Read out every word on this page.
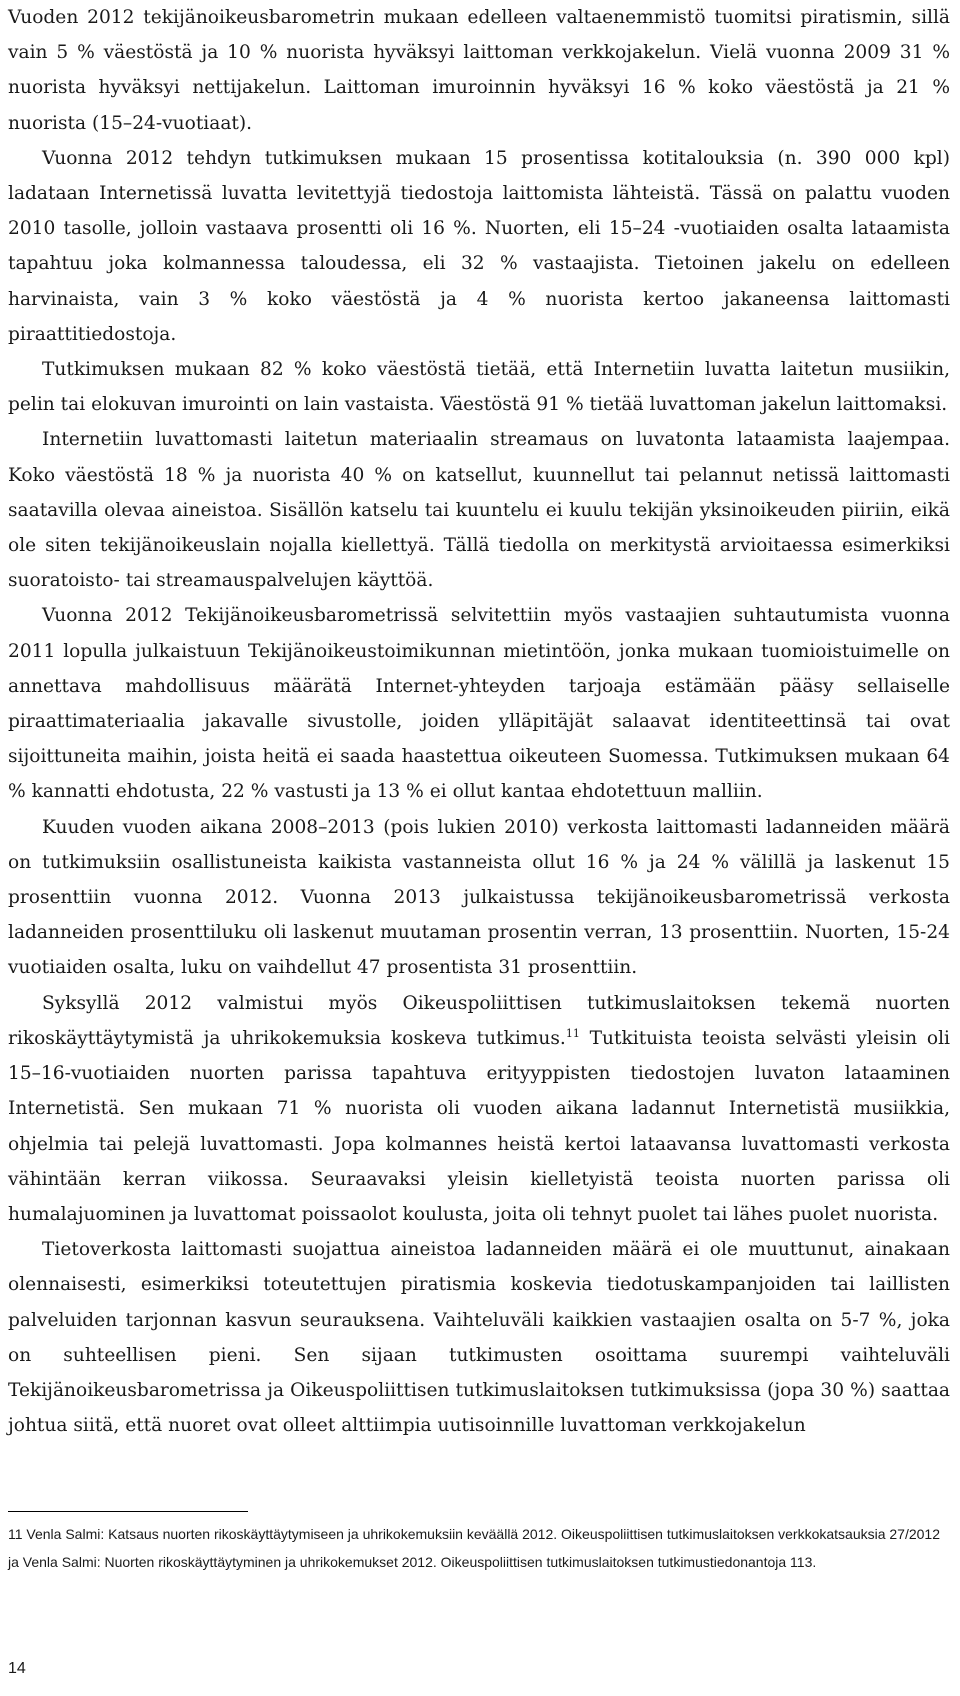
Vuoden 2012 tekijänoikeusbarometrin mukaan edelleen valtaenemmistö tuomitsi piratismin, sillä vain 5 % väestöstä ja 10 % nuorista hyväksyi laittoman verkkojakelun. Vielä vuonna 2009 31 % nuorista hyväksyi nettijakelun. Laittoman imuroinnin hyväksyi 16 % koko väestöstä ja 21 % nuorista (15–24-vuotiaat).

Vuonna 2012 tehdyn tutkimuksen mukaan 15 prosentissa kotitalouksia (n. 390 000 kpl) ladataan Internetissä luvatta levitettyjä tiedostoja laittomista lähteistä. Tässä on palattu vuoden 2010 tasolle, jolloin vastaava prosentti oli 16 %. Nuorten, eli 15–24 -vuotiaiden osalta lataamista tapahtuu joka kolmannessa taloudessa, eli 32 % vastaajista. Tietoinen jakelu on edelleen harvinaista, vain 3 % koko väestöstä ja 4 % nuorista kertoo jakaneensa laittomasti piraattitiedostoja.

Tutkimuksen mukaan 82 % koko väestöstä tietää, että Internetiin luvatta laitetun musiikin, pelin tai elokuvan imurointi on lain vastaista. Väestöstä 91 % tietää luvattoman jakelun laittomaksi.

Internetiin luvattomasti laitetun materiaalin streamaus on luvatonta lataamista laajempaa. Koko väestöstä 18 % ja nuorista 40 % on katsellut, kuunnellut tai pelannut netissä laittomasti saatavilla olevaa aineistoa. Sisällön katselu tai kuuntelu ei kuulu tekijän yksinoikeuden piiriin, eikä ole siten tekijänoikeuslain nojalla kiellettyä. Tällä tiedolla on merkitystä arvioitaessa esimerkiksi suoratoisto- tai streamauspalvelujen käyttöä.

Vuonna 2012 Tekijänoikeusbarometrissä selvitettiin myös vastaajien suhtautumista vuonna 2011 lopulla julkaistuun Tekijänoikeustoimikunnan mietintöön, jonka mukaan tuomioistuimelle on annettava mahdollisuus määrätä Internet-yhteyden tarjoaja estämään pääsy sellaiselle piraattimateriaalia jakavalle sivustolle, joiden ylläpitäjät salaavat identiteettinsä tai ovat sijoittuneita maihin, joista heitä ei saada haastettua oikeuteen Suomessa. Tutkimuksen mukaan 64 % kannatti ehdotusta, 22 % vastusti ja 13 % ei ollut kantaa ehdotettuun malliin.

Kuuden vuoden aikana 2008–2013 (pois lukien 2010) verkosta laittomasti ladanneiden määrä on tutkimuksiin osallistuneista kaikista vastanneista ollut 16 % ja 24 % välillä ja laskenut 15 prosenttiin vuonna 2012. Vuonna 2013 julkaistussa tekijänoikeusbarometrissä verkosta ladanneiden prosenttiluku oli laskenut muutaman prosentin verran, 13 prosenttiin. Nuorten, 15-24 vuotiaiden osalta, luku on vaihdellut 47 prosentista 31 prosenttiin.

Syksyllä 2012 valmistui myös Oikeuspoliittisen tutkimuslaitoksen tekemä nuorten rikoskäyttäytymistä ja uhrikokemuksia koskeva tutkimus.$^{11}$ Tutkituista teoista selvästi yleisin oli 15–16-vuotiaiden nuorten parissa tapahtuva erityyppisten tiedostojen luvaton lataaminen Internetistä. Sen mukaan 71 % nuorista oli vuoden aikana ladannut Internetistä musiikkia, ohjelmia tai pelejä luvattomasti. Jopa kolmannes heistä kertoi lataavansa luvattomasti verkosta vähintään kerran viikossa. Seuraavaksi yleisin kielletyistä teoista nuorten parissa oli humalajuominen ja luvattomat poissaolot koulusta, joita oli tehnyt puolet tai lähes puolet nuorista.

Tietoverkosta laittomasti suojattua aineistoa ladanneiden määrä ei ole muuttunut, ainakaan olennaisesti, esimerkiksi toteutettujen piratismia koskevia tiedotuskampanjoiden tai laillisten palveluiden tarjonnan kasvun seurauksena. Vaihteluväli kaikkien vastaajien osalta on 5-7 %, joka on suhteellisen pieni. Sen sijaan tutkimusten osoittama suurempi vaihteluväli Tekijänoikeusbarometrissa ja Oikeuspoliittisen tutkimuslaitoksen tutkimuksissa (jopa 30 %) saattaa johtua siitä, että nuoret ovat olleet alttiimpia uutisoinnille luvattoman verkkojakelun

11 Venla Salmi: Katsaus nuorten rikoskäyttäytymiseen ja uhrikokemuksiin keväällä 2012. Oikeuspoliittisen tutkimuslaitoksen verkkokatsauksia 27/2012 ja Venla Salmi: Nuorten rikoskäyttäytyminen ja uhrikokemukset 2012. Oikeuspoliittisen tutkimuslaitoksen tutkimustiedonantoja 113.
14
